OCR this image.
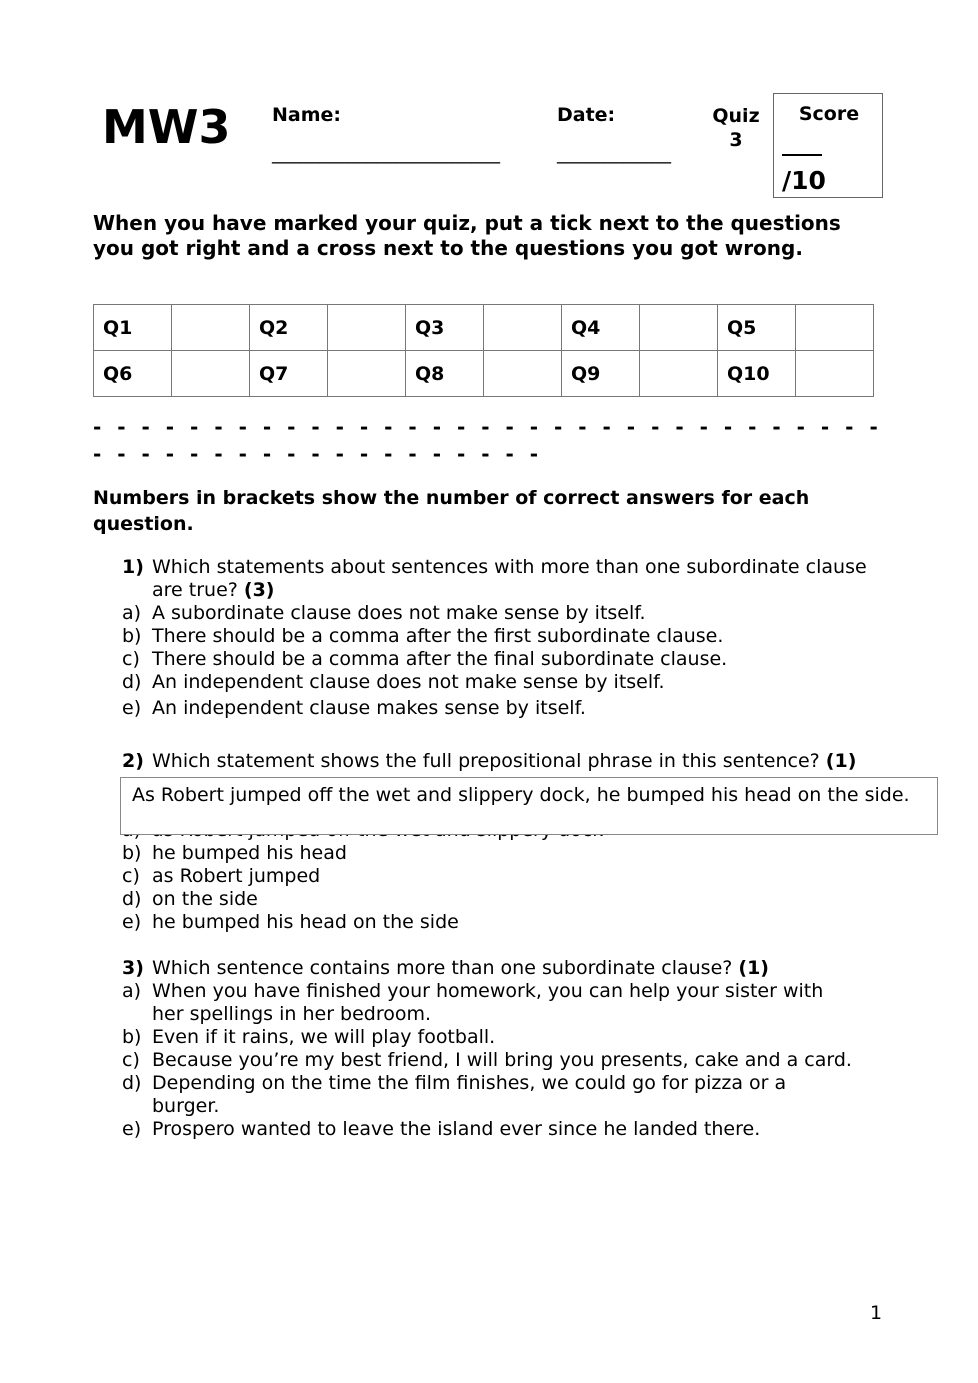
MW3 Name:
________________________
Date:
____________
Quiz
3
Score
/10
When you have marked your quiz, put a tick next to the questions you got right and a cross next to the questions you got wrong.
Q1		Q2		Q3		Q4		Q5	
Q6		Q7		Q8		Q9		Q10	
- - - - - - - - - - - - - - - - - - - - - - - - - - - - - - - - - - - - - - - - - - - - - - - - - - - -
Numbers in brackets show the number of correct answers for each question.
1) Which statements about sentences with more than one subordinate clause are true? (3)
a) A subordinate clause does not make sense by itself.
b) There should be a comma after the first subordinate clause.
c) There should be a comma after the final subordinate clause.
d) An independent clause does not make sense by itself.
e) An independent clause makes sense by itself.
2) Which statement shows the full prepositional phrase in this sentence? (1)
As Robert jumped off the wet and slippery dock, he bumped his head on the side.
b) he bumped his head
c) as Robert jumped
d) on the side
e) he bumped his head on the side
3) Which sentence contains more than one subordinate clause? (1)
a) When you have finished your homework, you can help your sister with her spellings in her bedroom.
b) Even if it rains, we will play football.
c) Because you’re my best friend, I will bring you presents, cake and a card.
d) Depending on the time the film finishes, we could go for pizza or a burger.
e) Prospero wanted to leave the island ever since he landed there.
1
